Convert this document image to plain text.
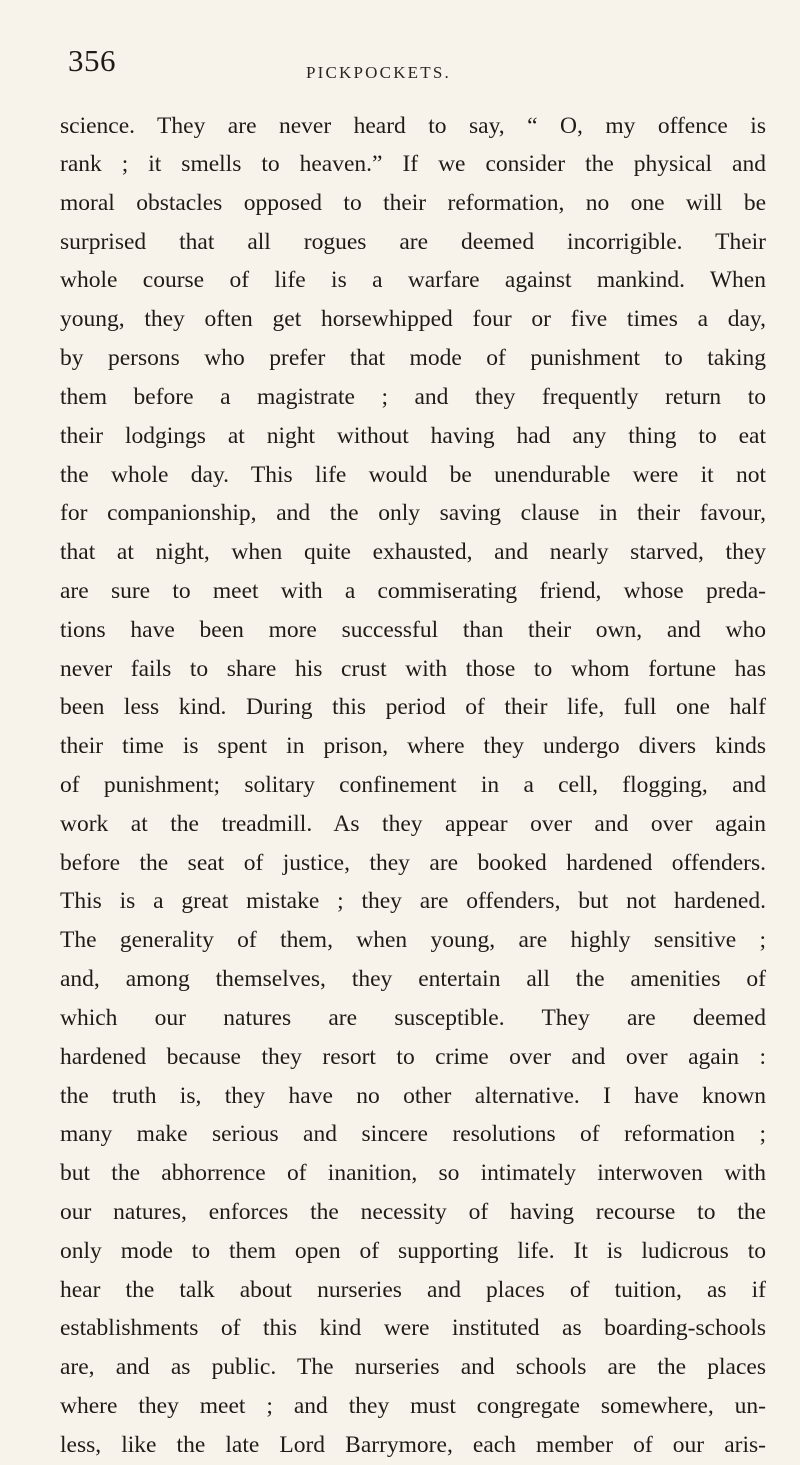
356	PICKPOCKETS.
science. They are never heard to say, “ O, my offence is
rank ; it smells to heaven.” If we consider the physical and
moral obstacles opposed to their reformation, no one will be
surprised that all rogues are deemed incorrigible. Their
whole course of life is a warfare against mankind. When
young, they often get horsewhipped four or five times a day,
by persons who prefer that mode of punishment to taking
them before a magistrate ; and they frequently return to
their lodgings at night without having had any thing to eat
the whole day. This life would be unendurable were it not
for companionship, and the only saving clause in their favour,
that at night, when quite exhausted, and nearly starved, they
are sure to meet with a commiserating friend, whose preda-
tions have been more successful than their own, and who
never fails to share his crust with those to whom fortune has
been less kind. During this period of their life, full one half
their time is spent in prison, where they undergo divers kinds
of punishment; solitary confinement in a cell, flogging, and
work at the treadmill. As they appear over and over again
before the seat of justice, they are booked hardened offenders.
This is a great mistake ; they are offenders, but not hardened.
The generality of them, when young, are highly sensitive ;
and, among themselves, they entertain all the amenities of
which our natures are susceptible. They are deemed
hardened because they resort to crime over and over again :
the truth is, they have no other alternative. I have known
many make serious and sincere resolutions of reformation ;
but the abhorrence of inanition, so intimately interwoven with
our natures, enforces the necessity of having recourse to the
only mode to them open of supporting life. It is ludicrous to
hear the talk about nurseries and places of tuition, as if
establishments of this kind were instituted as boarding-schools
are, and as public. The nurseries and schools are the places
where they meet ; and they must congregate somewhere, un-
less, like the late Lord Barrymore, each member of our aris-
